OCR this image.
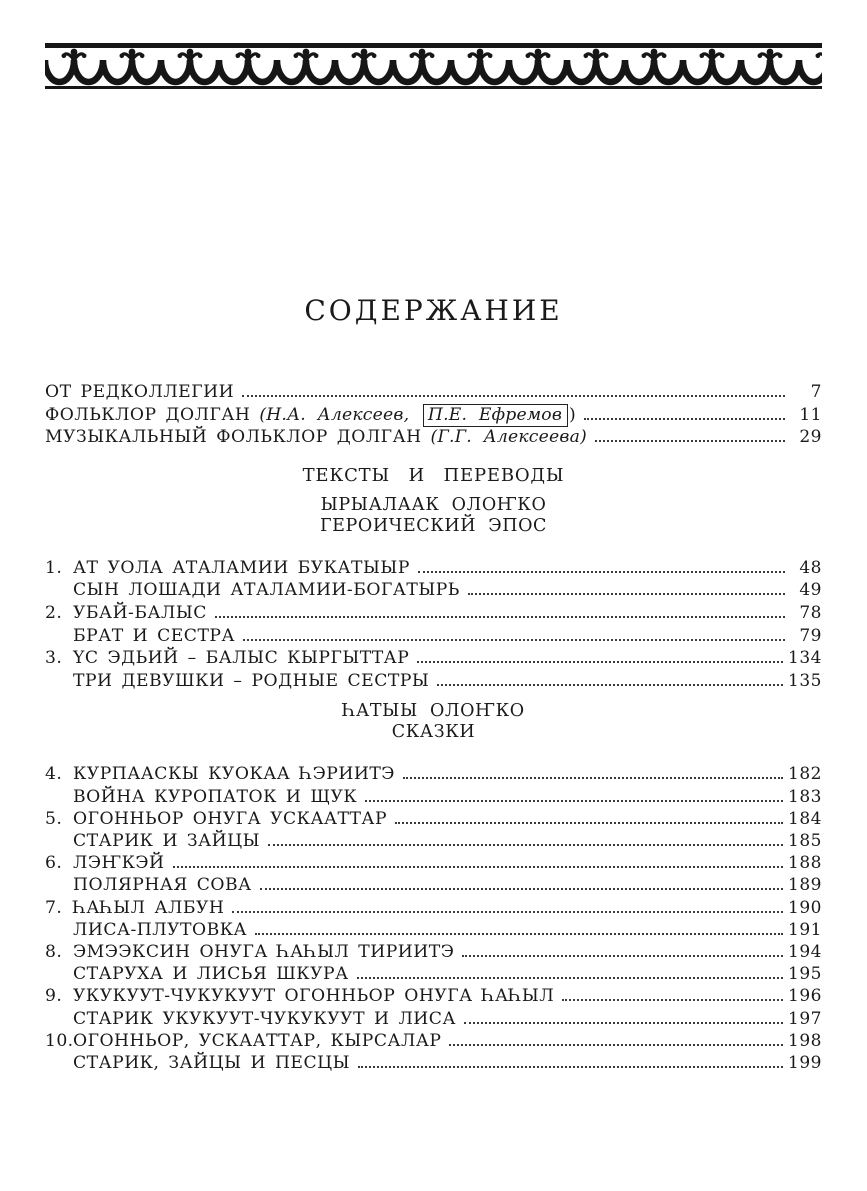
СОДЕРЖАНИЕ
ОТ РЕДКОЛЛЕГИИ	7
ФОЛЬКЛОР ДОЛГАН (Н.А. Алексеев, П.Е. Ефремов )	11
МУЗЫКАЛЬНЫЙ ФОЛЬКЛОР ДОЛГАН (Г.Г. Алексеева)	29
ТЕКСТЫ И ПЕРЕВОДЫ
ЫРЫАЛААК ОЛОҤКО
ГЕРОИЧЕСКИЙ ЭПОС
1. АТ УОЛА АТАЛАМИИ БУКАТЫЫР	48
СЫН ЛОШАДИ АТАЛАМИИ-БОГАТЫРЬ	49
2. УБАЙ-БАЛЫС	78
БРАТ И СЕСТРА	79
3. ҮС ЭДЬИЙ – БАЛЫС КЫРГЫТТАР	134
ТРИ ДЕВУШКИ – РОДНЫЕ СЕСТРЫ	135
ҺАТЫЫ ОЛОҤКО
СКАЗКИ
4. КУРПААСКЫ КУОКАА ҺЭРИИТЭ	182
ВОЙНА КУРОПАТОК И ЩУК	183
5. ОГОННЬОР ОНУГА УСКААТТАР	184
СТАРИК И ЗАЙЦЫ	185
6. ЛЭҤКЭЙ	188
ПОЛЯРНАЯ СОВА	189
7. ҺАҺЫЛ АЛБУН	190
ЛИСА-ПЛУТОВКА	191
8. ЭМЭЭКСИН ОНУГА ҺАҺЫЛ ТИРИИТЭ	194
СТАРУХА И ЛИСЬЯ ШКУРА	195
9. УКУКУУТ-ЧУКУКУУТ ОГОННЬОР ОНУГА ҺАҺЫЛ	196
СТАРИК УКУКУУТ-ЧУКУКУУТ И ЛИСА	197
10. ОГОННЬОР, УСКААТТАР, КЫРСАЛАР	198
СТАРИК, ЗАЙЦЫ И ПЕСЦЫ	199
